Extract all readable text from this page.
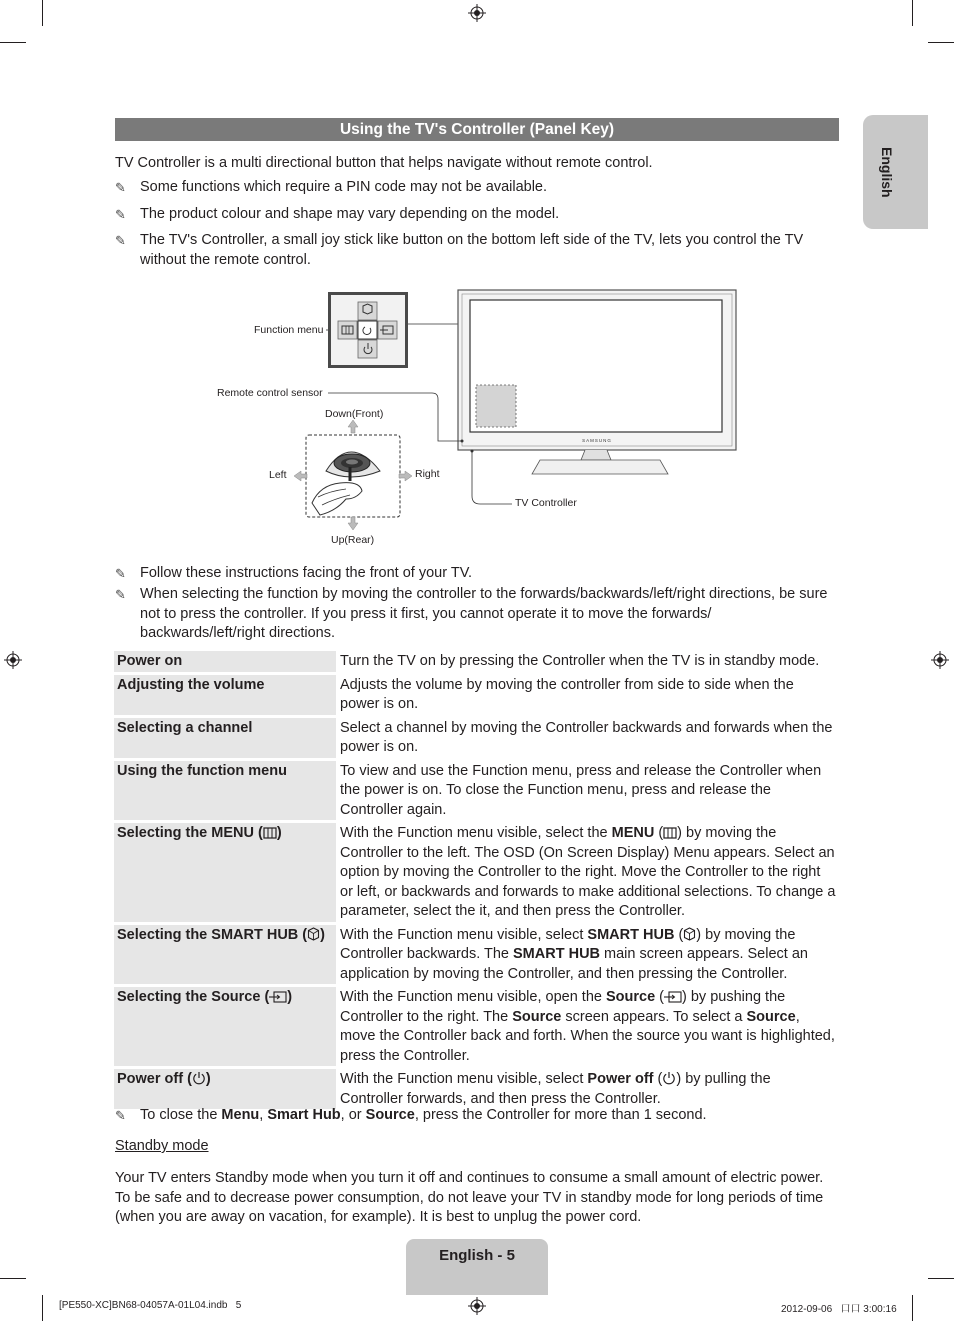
English
Using the TV's Controller (Panel Key)
TV Controller is a multi directional button that helps navigate without remote control.
✎ Some functions which require a PIN code may not be available.
✎ The product colour and shape may vary depending on the model.
✎ The TV's Controller, a small joy stick like button on the bottom left side of the TV, lets you control the TV without the remote control.
SAMSUNG
Function menu
Remote control sensor
Down(Front)
Left	Right
Up(Rear)
TV Controller
✎ Follow these instructions facing the front of your TV.
✎ When selecting the function by moving the controller to the forwards/backwards/left/right directions, be sure not to press the controller. If you press it first, you cannot operate it to move the forwards/ backwards/left/right directions.
Power on	Turn the TV on by pressing the Controller when the TV is in standby mode.
Adjusting the volume	Adjusts the volume by moving the controller from side to side when the power is on.
Selecting a channel	Select a channel by moving the Controller backwards and forwards when the power is on.
Using the function menu	To view and use the Function menu, press and release the Controller when the power is on. To close the Function menu, press and release the Controller again.
Selecting the MENU ( )	With the Function menu visible, select the MENU ( ) by moving the Controller to the left. The OSD (On Screen Display) Menu appears. Select an option by moving the Controller to the right. Move the Controller to the right or left, or backwards and forwards to make additional selections. To change a parameter, select the it, and then press the Controller.
Selecting the SMART HUB ( )	With the Function menu visible, select SMART HUB ( ) by moving the Controller backwards. The SMART HUB main screen appears. Select an application by moving the Controller, and then pressing the Controller.
Selecting the Source ( )	With the Function menu visible, open the Source ( ) by pushing the Controller to the right. The Source screen appears. To select a Source, move the Controller back and forth. When the source you want is highlighted, press the Controller.
Power off ( )	With the Function menu visible, select Power off ( ) by pulling the Controller forwards, and then press the Controller.
✎ To close the Menu, Smart Hub, or Source, press the Controller for more than 1 second.
Standby mode
Your TV enters Standby mode when you turn it off and continues to consume a small amount of electric power. To be safe and to decrease power consumption, do not leave your TV in standby mode for long periods of time (when you are away on vacation, for example). It is best to unplug the power cord.
English - 5
[PE550-XC]BN68-04057A-01L04.indb   5	2012-09-06   口口 3:00:16
